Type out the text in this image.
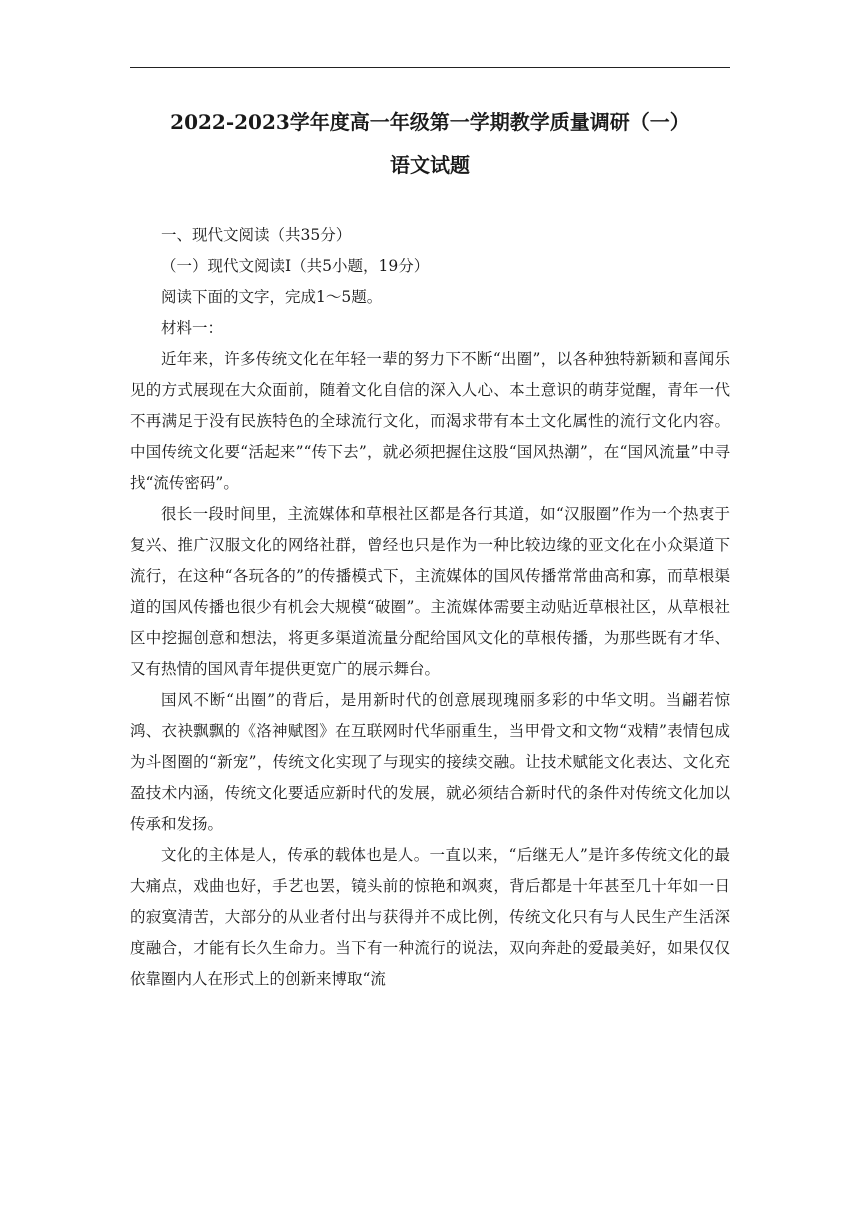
2022-2023学年度高一年级第一学期教学质量调研（一）
语文试题

一、现代文阅读（共35分）

（一）现代文阅读I（共5小题，19分）

阅读下面的文字，完成1～5题。

材料一：

近年来，许多传统文化在年轻一辈的努力下不断“出圈”，以各种独特新颖和喜闻乐见的方式展现在大众面前，随着文化自信的深入人心、本土意识的萌芽觉醒，青年一代不再满足于没有民族特色的全球流行文化，而渴求带有本土文化属性的流行文化内容。中国传统文化要“活起来”“传下去”，就必须把握住这股“国风热潮”，在“国风流量”中寻找“流传密码”。

很长一段时间里，主流媒体和草根社区都是各行其道，如“汉服圈”作为一个热衷于复兴、推广汉服文化的网络社群，曾经也只是作为一种比较边缘的亚文化在小众渠道下流行，在这种“各玩各的”的传播模式下，主流媒体的国风传播常常曲高和寡，而草根渠道的国风传播也很少有机会大规模“破圈”。主流媒体需要主动贴近草根社区，从草根社区中挖掘创意和想法，将更多渠道流量分配给国风文化的草根传播，为那些既有才华、又有热情的国风青年提供更宽广的展示舞台。

国风不断“出圈”的背后，是用新时代的创意展现瑰丽多彩的中华文明。当翩若惊鸿、衣袂飘飘的《洛神赋图》在互联网时代华丽重生，当甲骨文和文物“戏精”表情包成为斗图圈的“新宠”，传统文化实现了与现实的接续交融。让技术赋能文化表达、文化充盈技术内涵，传统文化要适应新时代的发展，就必须结合新时代的条件对传统文化加以传承和发扬。

文化的主体是人，传承的载体也是人。一直以来，“后继无人”是许多传统文化的最大痛点，戏曲也好，手艺也罢，镜头前的惊艳和飒爽，背后都是十年甚至几十年如一日的寂寞清苦，大部分的从业者付出与获得并不成比例，传统文化只有与人民生产生活深度融合，才能有长久生命力。当下有一种流行的说法，双向奔赴的爱最美好，如果仅仅依靠圈内人在形式上的创新来博取“流
